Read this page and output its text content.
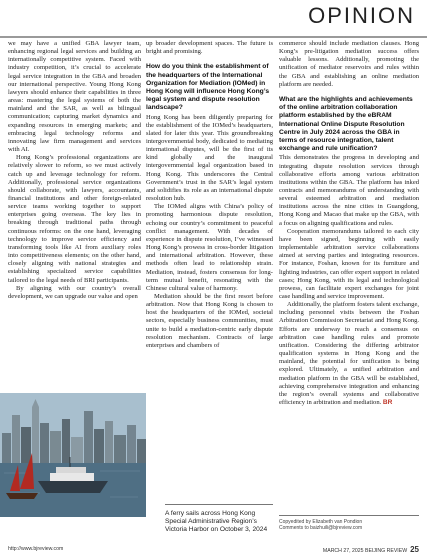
OPINION

we may have a unified GBA lawyer team, enhancing regional legal services and building an internationally competitive system. Faced with industry competition, it’s crucial to accelerate legal service integration in the GBA and broaden our international perspective. Young Hong Kong lawyers should enhance their capabilities in three areas: mastering the legal systems of both the mainland and the SAR, as well as bilingual communication; capturing market dynamics and expanding resources in emerging markets; and embracing legal technology reforms and innovating law firm management and services with AI.

Hong Kong’s professional organizations are relatively slower to reform, so we must actively catch up and leverage technology for reform. Additionally, professional service organizations should collaborate, with lawyers, accountants, financial institutions and other foreign-related service teams working together to support enterprises going overseas. The key lies in breaking through traditional paths through continuous reforms: on the one hand, leveraging technology to improve service efficiency and transforming tools like AI from auxiliary roles into competitiveness elements; on the other hand, closely aligning with national strategies and establishing specialized service capabilities tailored to the legal needs of BRI participants.

By aligning with our country’s overall development, we can upgrade our value and open

up broader development spaces. The future is bright and promising.

How do you think the establishment of the headquarters of the International Organization for Mediation (IOMed) in Hong Kong will influence Hong Kong’s legal system and dispute resolution landscape?

Hong Kong has been diligently preparing for the establishment of the IOMed’s headquarters, slated for later this year. This groundbreaking intergovernmental body, dedicated to mediating international disputes, will be the first of its kind globally and the inaugural intergovernmental legal organization based in Hong Kong. This underscores the Central Government’s trust in the SAR’s legal system and solidifies its role as an international dispute resolution hub.

The IOMed aligns with China’s policy of promoting harmonious dispute resolution, echoing our country’s commitment to peaceful conflict management. With decades of experience in dispute resolution, I’ve witnessed Hong Kong’s prowess in cross-border litigation and international arbitration. However, these methods often lead to relationship strain. Mediation, instead, fosters consensus for long-term mutual benefit, resonating with the Chinese cultural value of harmony.

Mediation should be the first resort before arbitration. Now that Hong Kong is chosen to host the headquarters of the IOMed, societal sectors, especially business communities, must unite to build a mediation-centric early dispute resolution mechanism. Contracts of large enterprises and chambers of

A ferry sails across Hong Kong Special Administrative Region’s Victoria Harbor on October 3, 2024

commerce should include mediation clauses. Hong Kong’s pre-litigation mediation success offers valuable lessons. Additionally, promoting the unification of mediator reservoirs and rules within the GBA and establishing an online mediation platform are needed.

What are the highlights and achievements of the online arbitration collaboration platform established by the eBRAM International Online Dispute Resolution Centre in July 2024 across the GBA in terms of resource integration, talent exchange and rule unification?

This demonstrates the progress in developing and integrating dispute resolution services through collaborative efforts among various arbitration institutions within the GBA. The platform has inked contracts and memorandums of understanding with several esteemed arbitration and mediation institutions across the nine cities in Guangdong, Hong Kong and Macao that make up the GBA, with a focus on aligning qualifications and rules.

Cooperation memorandums tailored to each city have been signed, beginning with easily implementable arbitration service collaborations aimed at serving parties and integrating resources. For instance, Foshan, known for its furniture and lighting industries, can offer expert support in related cases; Hong Kong, with its legal and technological prowess, can facilitate expert exchanges for joint case handling and service improvement.

Additionally, the platform fosters talent exchange, including personnel visits between the Foshan Arbitration Commission Secretariat and Hong Kong. Efforts are underway to reach a consensus on arbitration case handling rules and promote unification. Considering the differing arbitrator qualification systems in Hong Kong and the mainland, the potential for unification is being explored. Ultimately, a unified arbitration and mediation platform in the GBA will be established, achieving comprehensive integration and enhancing the region’s overall systems and collaborative efficiency in arbitration and mediation. BR

Copyedited by Elizabeth van Pondion
Comments to baizhuili@bjreview.com
http://www.bjreview.com	MARCH 27, 2025 BEIJING REVIEW 25
